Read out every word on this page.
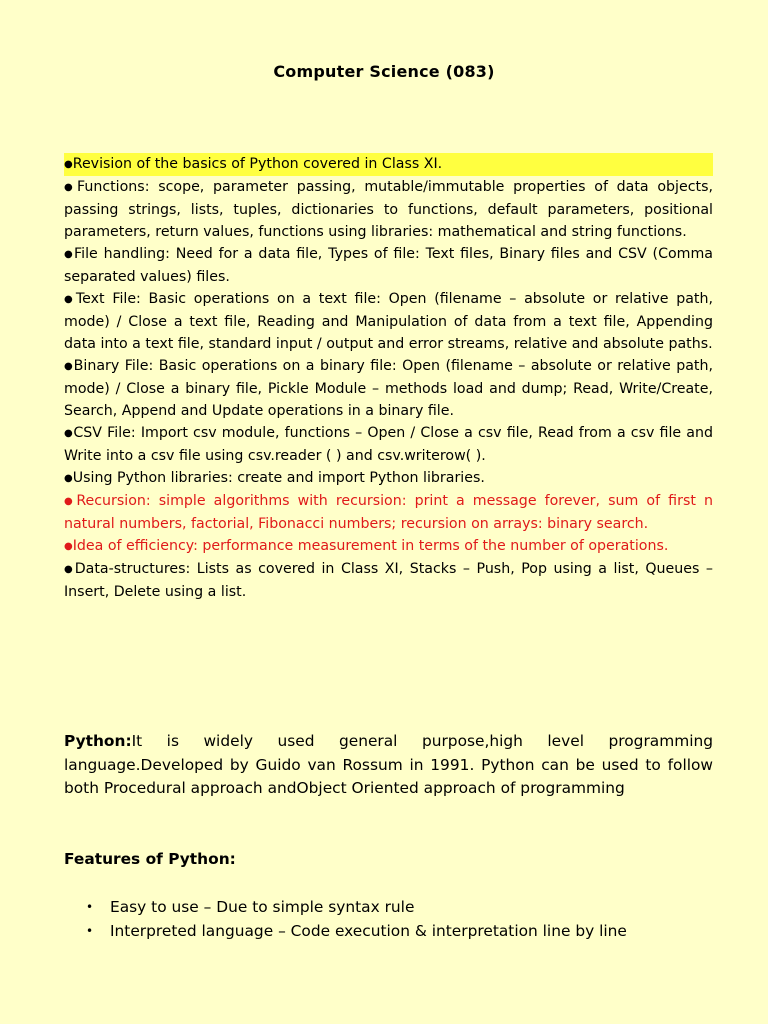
Computer Science (083)

●Revision of the basics of Python covered in Class XI.

●Functions: scope, parameter passing, mutable/immutable properties of data objects, passing strings, lists, tuples, dictionaries to functions, default parameters, positional parameters, return values, functions using libraries: mathematical and string functions.

●File handling: Need for a data file, Types of file: Text files, Binary files and CSV (Comma separated values) files.

●Text File: Basic operations on a text file: Open (filename – absolute or relative path, mode) / Close a text file, Reading and Manipulation of data from a text file, Appending data into a text file, standard input / output and error streams, relative and absolute paths.

●Binary File: Basic operations on a binary file: Open (filename – absolute or relative path, mode) / Close a binary file, Pickle Module – methods load and dump; Read, Write/Create, Search, Append and Update operations in a binary file.

●CSV File: Import csv module, functions – Open / Close a csv file, Read from a csv file and Write into a csv file using csv.reader ( ) and csv.writerow( ).

●Using Python libraries: create and import Python libraries.

●Recursion: simple algorithms with recursion: print a message forever, sum of first n natural numbers, factorial, Fibonacci numbers; recursion on arrays: binary search.

●Idea of efficiency: performance measurement in terms of the number of operations.

●Data-structures: Lists as covered in Class XI, Stacks – Push, Pop using a list, Queues – Insert, Delete using a list.

Python:It is widely used general purpose,high level programming language.Developed by Guido van Rossum in 1991. Python can be used to follow both Procedural approach andObject Oriented approach of programming

Features of Python:
• Easy to use – Due to simple syntax rule
• Interpreted language – Code execution & interpretation line by line
